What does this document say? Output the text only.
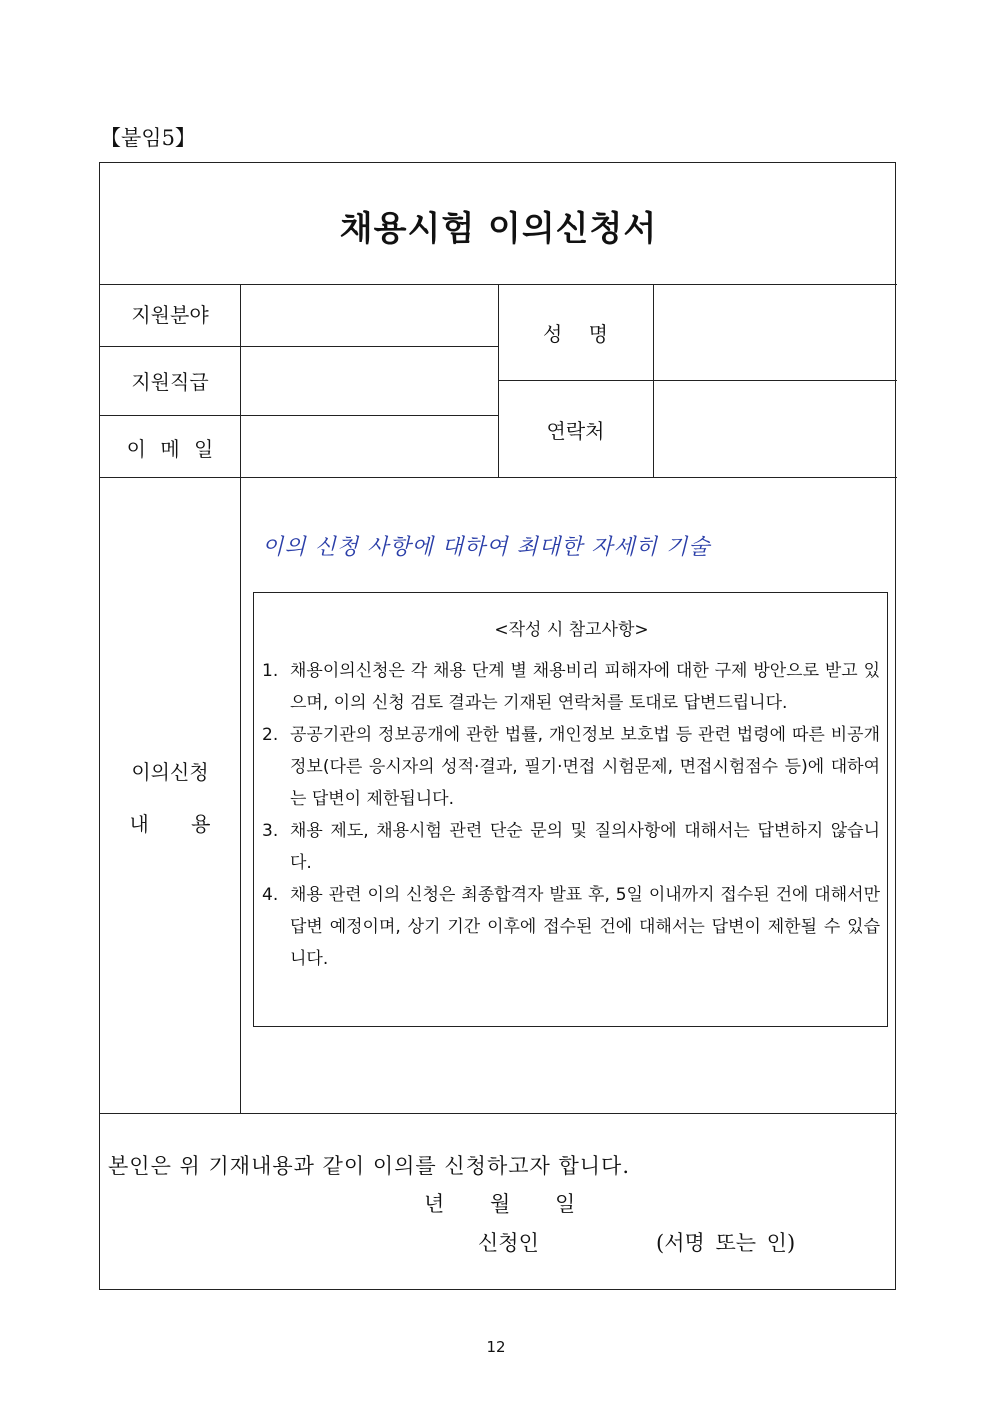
【붙임5】
채용시험 이의신청서
지원분야
지원직급
이 메 일
성 명
연락처
이의신청
내 용
이의 신청 사항에 대하여 최대한 자세히 기술
<작성 시 참고사항>
1. 채용이의신청은 각 채용 단계 별 채용비리 피해자에 대한 구제 방안으로 받고 있으며, 이의 신청 검토 결과는 기재된 연락처를 토대로 답변드립니다.
2. 공공기관의 정보공개에 관한 법률, 개인정보 보호법 등 관련 법령에 따른 비공개 정보(다른 응시자의 성적·결과, 필기·면접 시험문제, 면접시험점수 등)에 대하여는 답변이 제한됩니다.
3. 채용 제도, 채용시험 관련 단순 문의 및 질의사항에 대해서는 답변하지 않습니다.
4. 채용 관련 이의 신청은 최종합격자 발표 후, 5일 이내까지 접수된 건에 대해서만 답변 예정이며, 상기 기간 이후에 접수된 건에 대해서는 답변이 제한될 수 있습니다.
본인은 위 기재내용과 같이 이의를 신청하고자 합니다.
년 월 일
신청인	(서명 또는 인)
12
